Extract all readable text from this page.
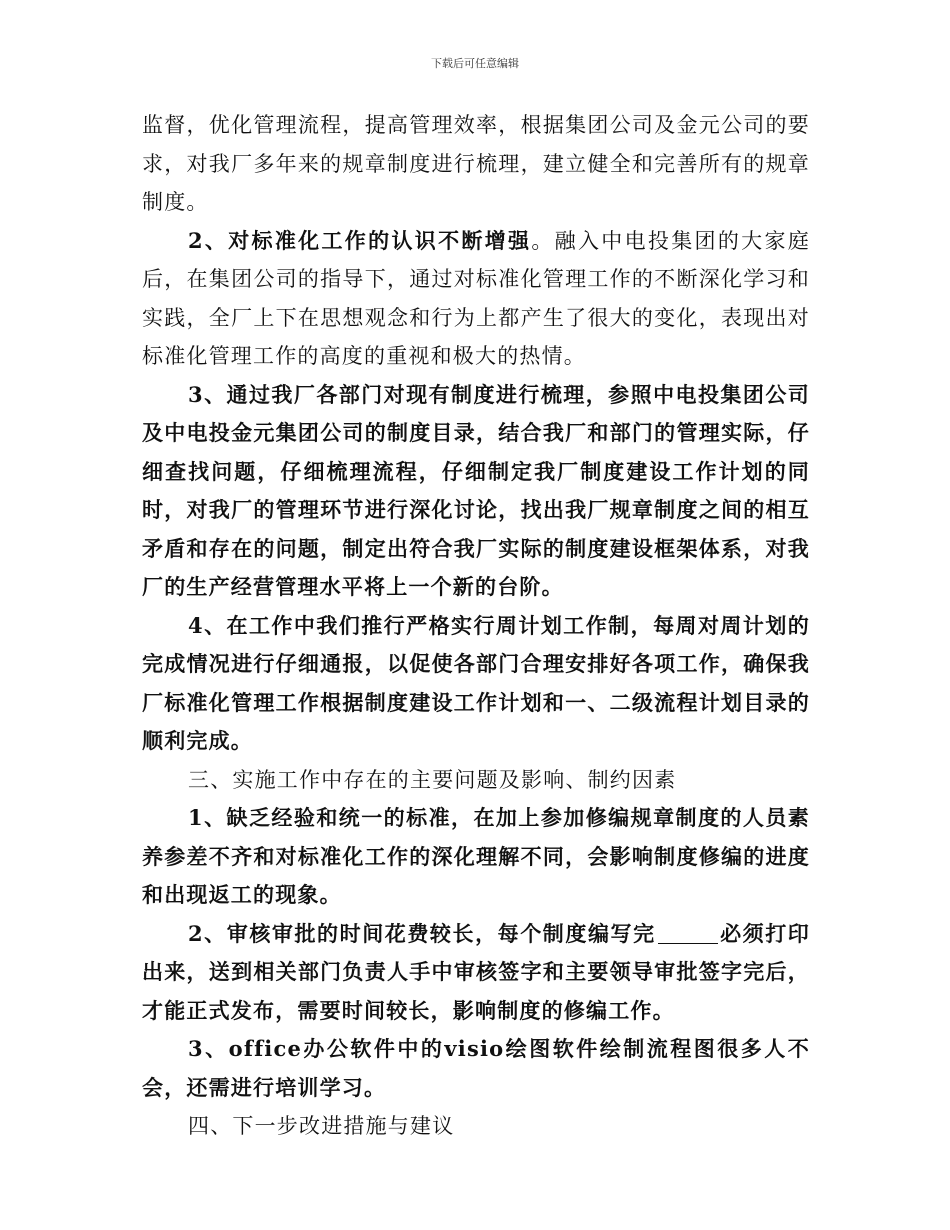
下载后可任意编辑

监督，优化管理流程，提高管理效率，根据集团公司及金元公司的要求，对我厂多年来的规章制度进行梳理，建立健全和完善所有的规章制度。

2、对标准化工作的认识不断增强。融入中电投集团的大家庭后，在集团公司的指导下，通过对标准化管理工作的不断深化学习和实践，全厂上下在思想观念和行为上都产生了很大的变化，表现出对标准化管理工作的高度的重视和极大的热情。

3、通过我厂各部门对现有制度进行梳理，参照中电投集团公司及中电投金元集团公司的制度目录，结合我厂和部门的管理实际，仔细查找问题，仔细梳理流程，仔细制定我厂制度建设工作计划的同时，对我厂的管理环节进行深化讨论，找出我厂规章制度之间的相互矛盾和存在的问题，制定出符合我厂实际的制度建设框架体系，对我厂的生产经营管理水平将上一个新的台阶。

4、在工作中我们推行严格实行周计划工作制，每周对周计划的完成情况进行仔细通报，以促使各部门合理安排好各项工作，确保我厂标准化管理工作根据制度建设工作计划和一、二级流程计划目录的顺利完成。

三、实施工作中存在的主要问题及影响、制约因素

1、缺乏经验和统一的标准，在加上参加修编规章制度的人员素养参差不齐和对标准化工作的深化理解不同，会影响制度修编的进度和出现返工的现象。

2、审核审批的时间花费较长，每个制度编写完	必须打印出来，送到相关部门负责人手中审核签字和主要领导审批签字完后，才能正式发布，需要时间较长，影响制度的修编工作。

3、office办公软件中的visio绘图软件绘制流程图很多人不会，还需进行培训学习。

四、下一步改进措施与建议
